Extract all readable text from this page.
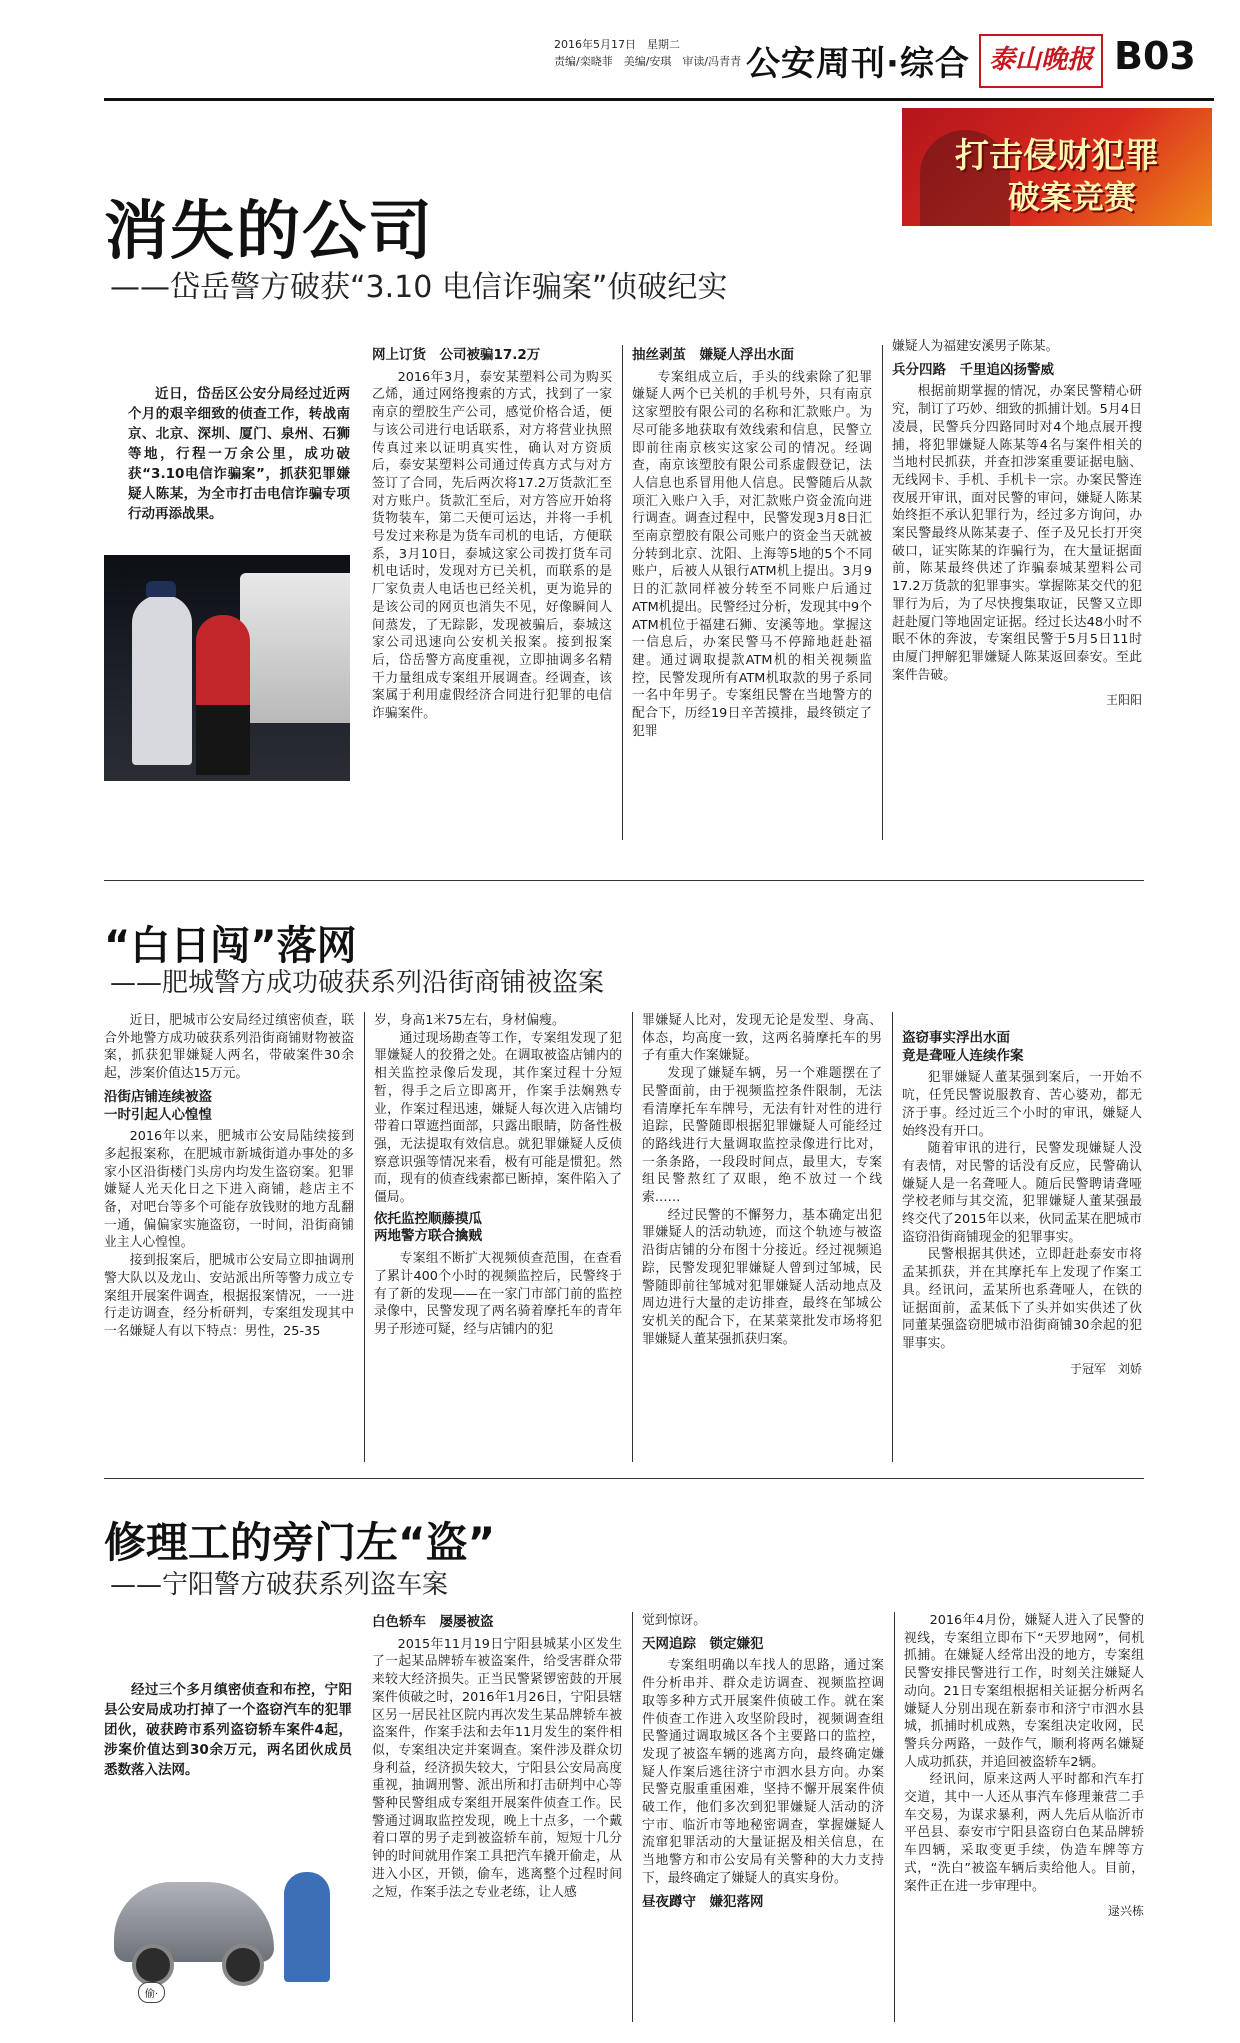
2016年5月17日　星期二
责编/栾晓菲　美编/安琪　审读/冯青青 公安周刊·综合 泰山晚报 B03
打击侵财犯罪
破案竞赛
消失的公司
——岱岳警方破获“3.10 电信诈骗案”侦破纪实

近日，岱岳区公安分局经过近两个月的艰辛细致的侦查工作，转战南京、北京、深圳、厦门、泉州、石狮等地，行程一万余公里，成功破获“3.10电信诈骗案”，抓获犯罪嫌疑人陈某，为全市打击电信诈骗专项行动再添战果。

网上订货　公司被骗17.2万

2016年3月，泰安某塑料公司为购买乙烯，通过网络搜索的方式，找到了一家南京的塑胶生产公司，感觉价格合适，便与该公司进行电话联系，对方将营业执照传真过来以证明真实性，确认对方资质后，泰安某塑料公司通过传真方式与对方签订了合同，先后两次将17.2万货款汇至对方账户。货款汇至后，对方答应开始将货物装车，第二天便可运达，并将一手机号发过来称是为货车司机的电话，方便联系，3月10日，泰城这家公司拨打货车司机电话时，发现对方已关机，而联系的是厂家负责人电话也已经关机，更为诡异的是该公司的网页也消失不见，好像瞬间人间蒸发，了无踪影，发现被骗后，泰城这家公司迅速向公安机关报案。接到报案后，岱岳警方高度重视，立即抽调多名精干力量组成专案组开展调查。经调查，该案属于利用虚假经济合同进行犯罪的电信诈骗案件。

抽丝剥茧　嫌疑人浮出水面

专案组成立后，手头的线索除了犯罪嫌疑人两个已关机的手机号外，只有南京这家塑胶有限公司的名称和汇款账户。为尽可能多地获取有效线索和信息，民警立即前往南京核实这家公司的情况。经调查，南京该塑胶有限公司系虚假登记，法人信息也系冒用他人信息。民警随后从款项汇入账户入手，对汇款账户资金流向进行调查。调查过程中，民警发现3月8日汇至南京塑胶有限公司账户的资金当天就被分转到北京、沈阳、上海等5地的5个不同账户，后被人从银行ATM机上提出。3月9日的汇款同样被分转至不同账户后通过ATM机提出。民警经过分析，发现其中9个ATM机位于福建石狮、安溪等地。掌握这一信息后，办案民警马不停蹄地赶赴福建。通过调取提款ATM机的相关视频监控，民警发现所有ATM机取款的男子系同一名中年男子。专案组民警在当地警方的配合下，历经19日辛苦摸排，最终锁定了犯罪

嫌疑人为福建安溪男子陈某。

兵分四路　千里追凶扬警威

根据前期掌握的情况，办案民警精心研究，制订了巧妙、细致的抓捕计划。5月4日凌晨，民警兵分四路同时对4个地点展开搜捕，将犯罪嫌疑人陈某等4名与案件相关的当地村民抓获，并查扣涉案重要证据电脑、无线网卡、手机、手机卡一宗。办案民警连夜展开审讯，面对民警的审问，嫌疑人陈某始终拒不承认犯罪行为，经过多方询问，办案民警最终从陈某妻子、侄子及兄长打开突破口，证实陈某的诈骗行为，在大量证据面前，陈某最终供述了诈骗泰城某塑料公司17.2万货款的犯罪事实。掌握陈某交代的犯罪行为后，为了尽快搜集取证，民警又立即赶赴厦门等地固定证据。经过长达48小时不眠不休的奔波，专案组民警于5月5日11时由厦门押解犯罪嫌疑人陈某返回泰安。至此案件告破。

王阳阳
“白日闯”落网
——肥城警方成功破获系列沿街商铺被盗案

近日，肥城市公安局经过缜密侦查，联合外地警方成功破获系列沿街商铺财物被盗案，抓获犯罪嫌疑人两名，带破案件30余起，涉案价值达15万元。

沿街店铺连续被盗
一时引起人心惶惶

2016年以来，肥城市公安局陆续接到多起报案称，在肥城市新城街道办事处的多家小区沿街楼门头房内均发生盗窃案。犯罪嫌疑人光天化日之下进入商铺，趁店主不备，对吧台等多个可能存放钱财的地方乱翻一通，偏偏家实施盗窃，一时间，沿街商铺业主人心惶惶。

接到报案后，肥城市公安局立即抽调刑警大队以及龙山、安站派出所等警力成立专案组开展案件调查，根据报案情况，一一进行走访调查，经分析研判，专案组发现其中一名嫌疑人有以下特点：男性，25-35

岁，身高1米75左右，身材偏瘦。

通过现场勘查等工作，专案组发现了犯罪嫌疑人的狡猾之处。在调取被盗店铺内的相关监控录像后发现，其作案过程十分短暂，得手之后立即离开，作案手法娴熟专业，作案过程迅速，嫌疑人每次进入店铺均带着口罩遮挡面部，只露出眼睛，防备性极强，无法提取有效信息。就犯罪嫌疑人反侦察意识强等情况来看，极有可能是惯犯。然而，现有的侦查线索都已断掉，案件陷入了僵局。

依托监控顺藤摸瓜
两地警方联合擒贼

专案组不断扩大视频侦查范围，在查看了累计400个小时的视频监控后，民警终于有了新的发现——在一家门市部门前的监控录像中，民警发现了两名骑着摩托车的青年男子形迹可疑，经与店铺内的犯

罪嫌疑人比对，发现无论是发型、身高、体态，均高度一致，这两名骑摩托车的男子有重大作案嫌疑。

发现了嫌疑车辆，另一个难题摆在了民警面前，由于视频监控条件限制，无法看清摩托车车牌号，无法有针对性的进行追踪，民警随即根据犯罪嫌疑人可能经过的路线进行大量调取监控录像进行比对，一条条路，一段段时间点，最里大，专案组民警熬红了双眼，绝不放过一个线索……

经过民警的不懈努力，基本确定出犯罪嫌疑人的活动轨迹，而这个轨迹与被盗沿街店铺的分布图十分接近。经过视频追踪，民警发现犯罪嫌疑人曾到过邹城，民警随即前往邹城对犯罪嫌疑人活动地点及周边进行大量的走访排查，最终在邹城公安机关的配合下，在某菜菜批发市场将犯罪嫌疑人董某强抓获归案。

盗窃事实浮出水面
竟是聋哑人连续作案

犯罪嫌疑人董某强到案后，一开始不吭，任凭民警说服教育、苦心婆劝，都无济于事。经过近三个小时的审讯，嫌疑人始终没有开口。

随着审讯的进行，民警发现嫌疑人没有表情，对民警的话没有反应，民警确认嫌疑人是一名聋哑人。随后民警聘请聋哑学校老师与其交流，犯罪嫌疑人董某强最终交代了2015年以来，伙同孟某在肥城市盗窃沿街商铺现金的犯罪事实。

民警根据其供述，立即赶赴泰安市将孟某抓获，并在其摩托车上发现了作案工具。经讯问，孟某所也系聋哑人，在铁的证据面前，孟某低下了头并如实供述了伙同董某强盗窃肥城市沿街商铺30余起的犯罪事实。

于冠军　刘娇
修理工的旁门左“盗”
——宁阳警方破获系列盗车案

经过三个多月缜密侦查和布控，宁阳县公安局成功打掉了一个盗窃汽车的犯罪团伙，破获跨市系列盗窃轿车案件4起，涉案价值达到30余万元，两名团伙成员悉数落入法网。

偷·
白色轿车　屡屡被盗

2015年11月19日宁阳县城某小区发生了一起某品牌轿车被盗案件，给受害群众带来较大经济损失。正当民警紧锣密鼓的开展案件侦破之时，2016年1月26日，宁阳县辖区另一居民社区院内再次发生某品牌轿车被盗案件，作案手法和去年11月发生的案件相似，专案组决定并案调查。案件涉及群众切身利益，经济损失较大，宁阳县公安局高度重视，抽调刑警、派出所和打击研判中心等警种民警组成专案组开展案件侦查工作。民警通过调取监控发现，晚上十点多，一个戴着口罩的男子走到被盗轿车前，短短十几分钟的时间就用作案工具把汽车撬开偷走，从进入小区，开锁，偷车，逃离整个过程时间之短，作案手法之专业老练，让人感

觉到惊讶。

天网追踪　锁定嫌犯

专案组明确以车找人的思路，通过案件分析串并、群众走访调查、视频监控调取等多种方式开展案件侦破工作。就在案件侦查工作进入攻坚阶段时，视频调查组民警通过调取城区各个主要路口的监控，发现了被盗车辆的逃离方向，最终确定嫌疑人作案后逃往济宁市泗水县方向。办案民警克服重重困难，坚持不懈开展案件侦破工作，他们多次到犯罪嫌疑人活动的济宁市、临沂市等地秘密调查，掌握嫌疑人流窜犯罪活动的大量证据及相关信息，在当地警方和市公安局有关警种的大力支持下，最终确定了嫌疑人的真实身份。

昼夜蹲守　嫌犯落网

2016年4月份，嫌疑人进入了民警的视线，专案组立即布下“天罗地网”，伺机抓捕。在嫌疑人经常出没的地方，专案组民警安排民警进行工作，时刻关注嫌疑人动向。21日专案组根据相关证据分析两名嫌疑人分别出现在新泰市和济宁市泗水县城，抓捕时机成熟，专案组决定收网，民警兵分两路，一鼓作气，顺利将两名嫌疑人成功抓获，并追回被盗轿车2辆。

经讯问，原来这两人平时都和汽车打交道，其中一人还从事汽车修理兼营二手车交易，为谋求暴利，两人先后从临沂市平邑县、泰安市宁阳县盗窃白色某品牌轿车四辆，采取变更手续，伪造车牌等方式，“洗白”被盗车辆后卖给他人。目前，案件正在进一步审理中。

逯兴栋
